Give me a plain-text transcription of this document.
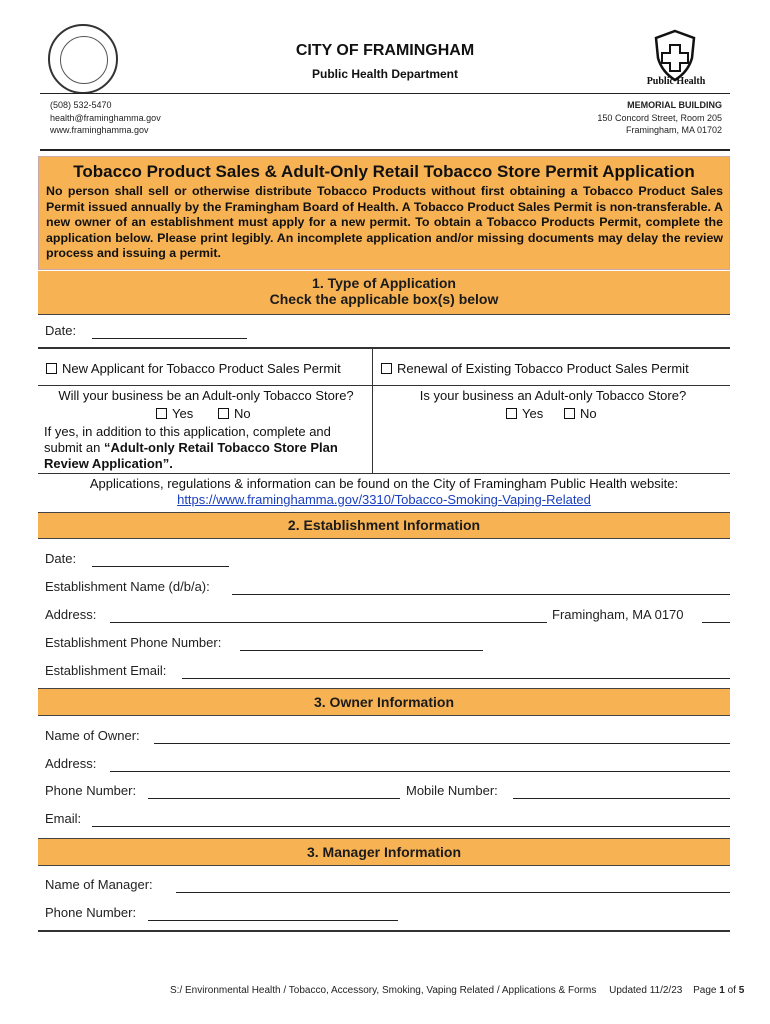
CITY OF FRAMINGHAM
Public Health Department
Public Health
(508) 532-5470
health@framinghamma.gov
www.framinghamma.gov
MEMORIAL BUILDING
150 Concord Street, Room 205
Framingham, MA 01702
Tobacco Product Sales & Adult-Only Retail Tobacco Store Permit Application
No person shall sell or otherwise distribute Tobacco Products without first obtaining a Tobacco Product Sales Permit issued annually by the Framingham Board of Health. A Tobacco Product Sales Permit is non-transferable. A new owner of an establishment must apply for a new permit. To obtain a Tobacco Products Permit, complete the application below. Please print legibly. An incomplete application and/or missing documents may delay the review process and issuing a permit.
1. Type of Application
Check the applicable box(s) below
Date:
New Applicant for Tobacco Product Sales Permit	Renewal of Existing Tobacco Product Sales Permit
Will your business be an Adult-only Tobacco Store?
Yes	No
If yes, in addition to this application, complete and submit an “Adult-only Retail Tobacco Store Plan Review Application”.
Is your business an Adult-only Tobacco Store?
Yes	No
Applications, regulations & information can be found on the City of Framingham Public Health website:
https://www.framinghamma.gov/3310/Tobacco-Smoking-Vaping-Related
2. Establishment Information
Date:
Establishment Name (d/b/a):
Address:	Framingham, MA 0170
Establishment Phone Number:
Establishment Email:
3. Owner Information
Name of Owner:
Address:
Phone Number:	Mobile Number:
Email:
3. Manager Information
Name of Manager:
Phone Number:
S:/ Environmental Health / Tobacco, Accessory, Smoking, Vaping Related / Applications & Forms Updated 11/2/23 Page 1 of 5
